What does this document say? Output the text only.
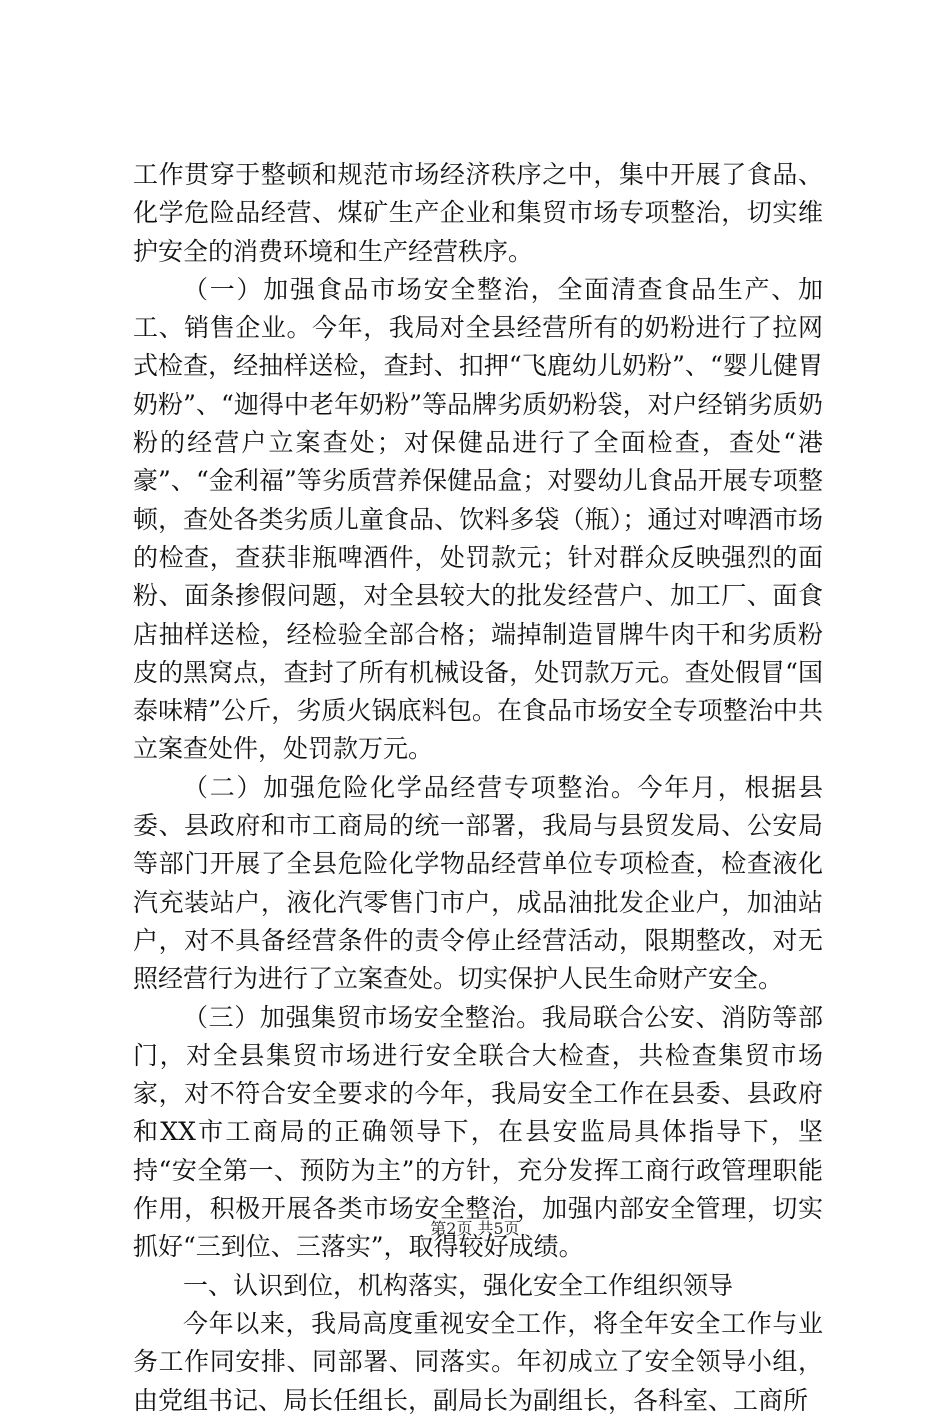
工作贯穿于整顿和规范市场经济秩序之中，集中开展了食品、化学危险品经营、煤矿生产企业和集贸市场专项整治，切实维护安全的消费环境和生产经营秩序。

（一）加强食品市场安全整治，全面清查食品生产、加工、销售企业。今年，我局对全县经营所有的奶粉进行了拉网式检查，经抽样送检，查封、扣押“飞鹿幼儿奶粉”、“婴儿健胃奶粉”、“迦得中老年奶粉”等品牌劣质奶粉袋，对户经销劣质奶粉的经营户立案查处；对保健品进行了全面检查，查处“港豪”、“金利福”等劣质营养保健品盒；对婴幼儿食品开展专项整顿，查处各类劣质儿童食品、饮料多袋（瓶）；通过对啤酒市场的检查，查获非瓶啤酒件，处罚款元；针对群众反映强烈的面粉、面条掺假问题，对全县较大的批发经营户、加工厂、面食店抽样送检，经检验全部合格；端掉制造冒牌牛肉干和劣质粉皮的黑窝点，查封了所有机械设备，处罚款万元。查处假冒“国泰味精”公斤，劣质火锅底料包。在食品市场安全专项整治中共立案查处件，处罚款万元。

（二）加强危险化学品经营专项整治。今年月，根据县委、县政府和市工商局的统一部署，我局与县贸发局、公安局等部门开展了全县危险化学物品经营单位专项检查，检查液化汽充装站户，液化汽零售门市户，成品油批发企业户，加油站户，对不具备经营条件的责令停止经营活动，限期整改，对无照经营行为进行了立案查处。切实保护人民生命财产安全。

（三）加强集贸市场安全整治。我局联合公安、消防等部门，对全县集贸市场进行安全联合大检查，共检查集贸市场家，对不符合安全要求的今年，我局安全工作在县委、县政府和XX市工商局的正确领导下，在县安监局具体指导下，坚持“安全第一、预防为主”的方针，充分发挥工商行政管理职能作用，积极开展各类市场安全整治，加强内部安全管理，切实抓好“三到位、三落实”，取得较好成绩。

一、认识到位，机构落实，强化安全工作组织领导

今年以来，我局高度重视安全工作，将全年安全工作与业务工作同安排、同部署、同落实。年初成立了安全领导小组，由党组书记、局长任组长，副局长为副组长，各科室、工商所

第2页 共5页
